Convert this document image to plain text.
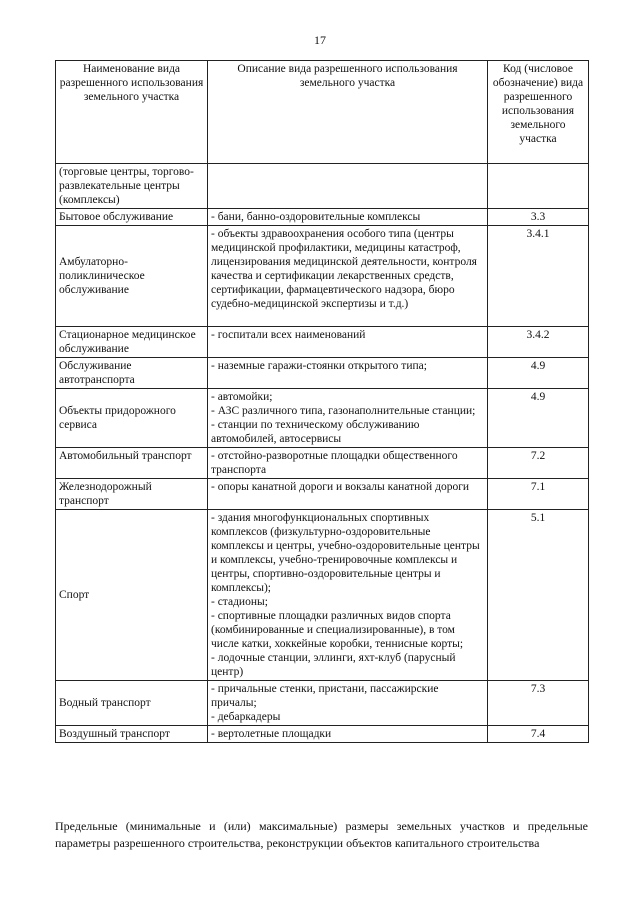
17
Наименование вида разрешенного использования земельного участка	Описание вида разрешенного использования земельного участка	Код (числовое обозначение) вида разрешенного использования земельного участка
(торговые центры, торгово-развлекательные центры (комплексы)		
Бытовое обслуживание	- бани, банно-оздоровительные комплексы	3.3
Амбулаторно-поликлиническое обслуживание	- объекты здравоохранения особого типа (центры медицинской профилактики, медицины катастроф, лицензирования медицинской деятельности, контроля качества и сертификации лекарственных средств, сертификации, фармацевтического надзора, бюро судебно-медицинской экспертизы и т.д.)	3.4.1
Стационарное медицинское обслуживание	- госпитали всех наименований	3.4.2
Обслуживание автотранспорта	- наземные гаражи-стоянки открытого типа;	4.9
Объекты придорожного сервиса	- автомойки;
- АЗС различного типа, газонаполнительные станции;
- станции по техническому обслуживанию автомобилей, автосервисы	4.9
Автомобильный транспорт	- отстойно-разворотные площадки общественного транспорта	7.2
Железнодорожный транспорт	- опоры канатной дороги и вокзалы канатной дороги	7.1
Спорт	- здания многофункциональных спортивных комплексов (физкультурно-оздоровительные комплексы и центры, учебно-оздоровительные центры и комплексы, учебно-тренировочные комплексы и центры, спортивно-оздоровительные центры и комплексы);
- стадионы;
- спортивные площадки различных видов спорта (комбинированные и специализированные), в том числе катки, хоккейные коробки, теннисные корты;
- лодочные станции, эллинги, яхт-клуб (парусный центр)	5.1
Водный транспорт	- причальные стенки, пристани, пассажирские причалы;
- дебаркадеры	7.3
Воздушный транспорт	- вертолетные площадки	7.4
Предельные (минимальные и (или) максимальные) размеры земельных участков и предельные параметры разрешенного строительства, реконструкции объектов капитального строительства
